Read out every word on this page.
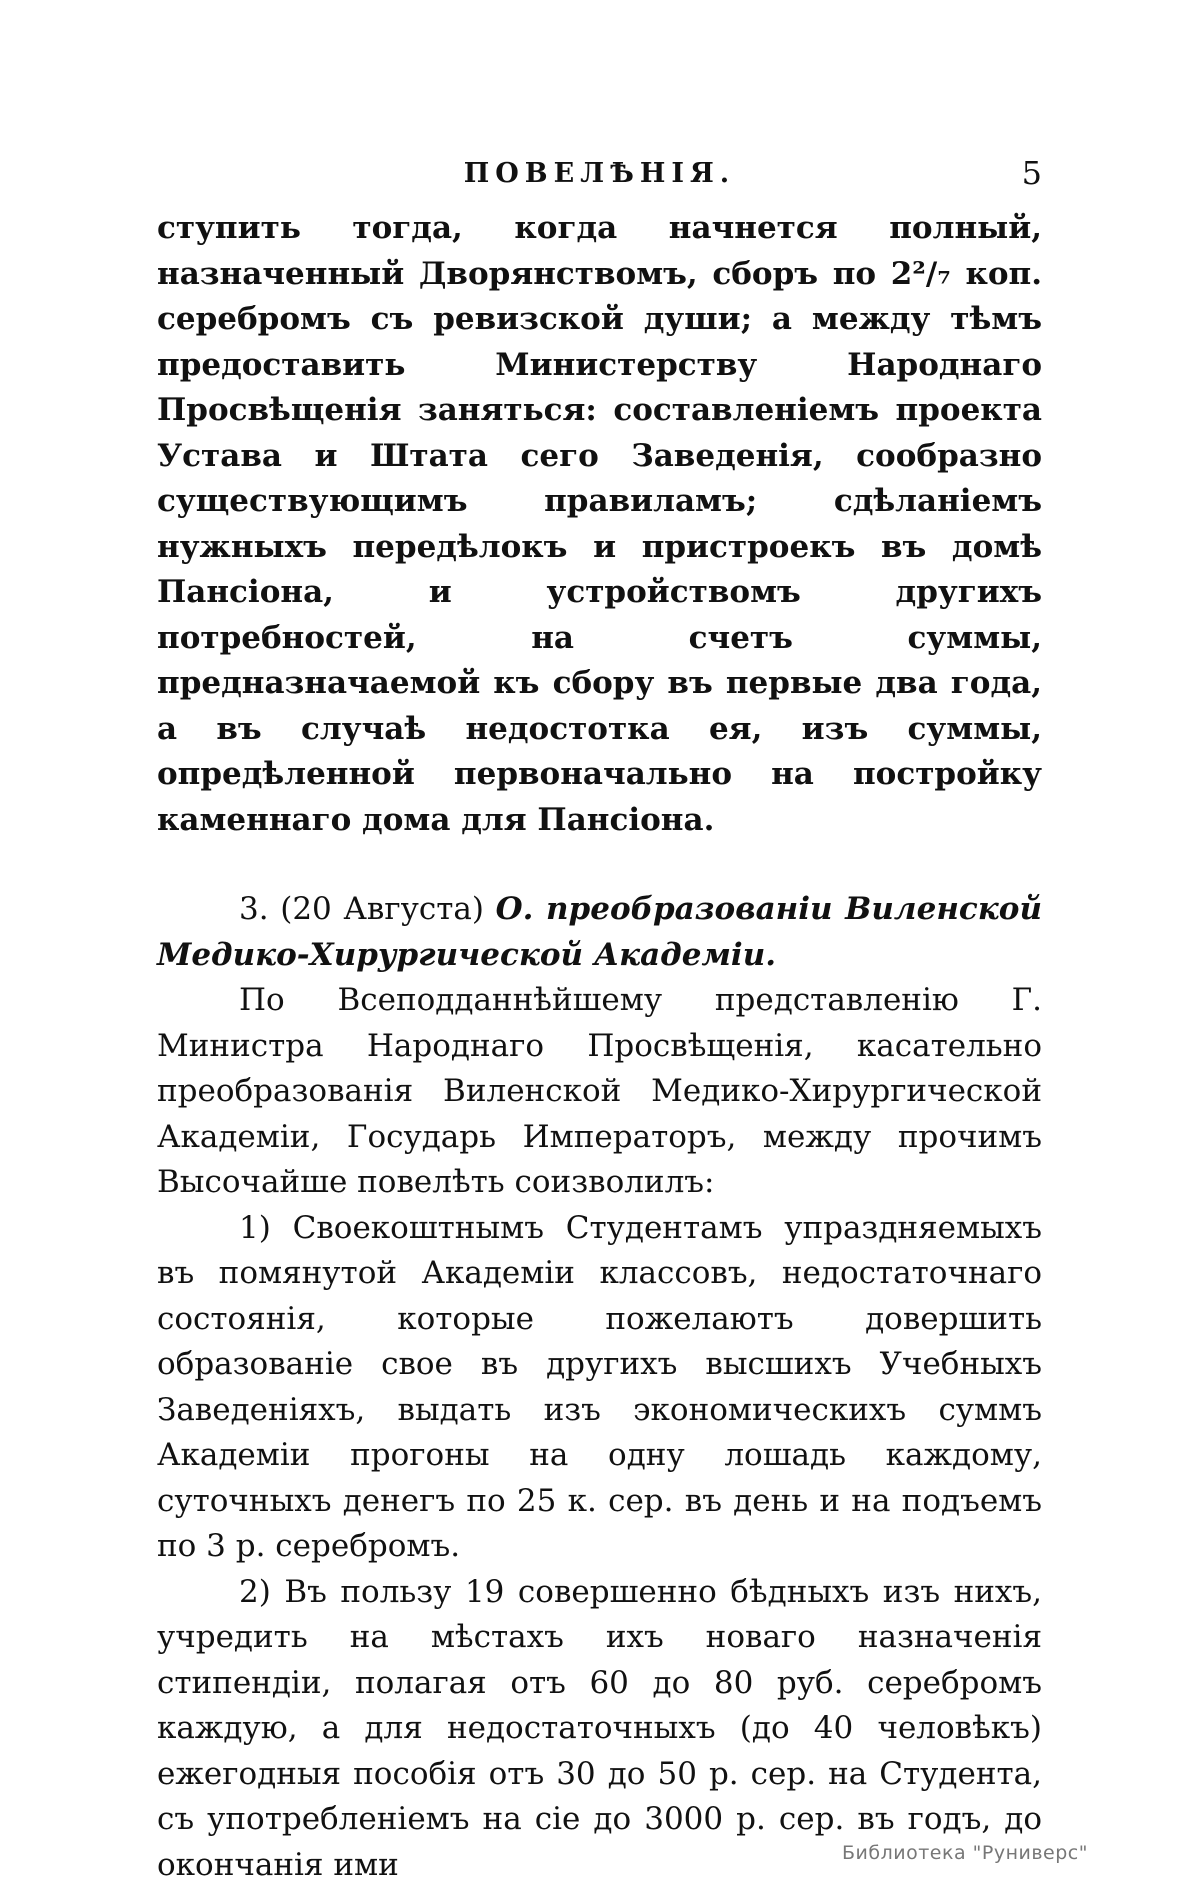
ПОВЕЛѢНІЯ.	5

ступить тогда, когда начнется полный, назначенный Дворянствомъ, сборъ по 2²/₇ коп. серебромъ съ ревизской души; а между тѣмъ предоставить Министерству Народнаго Просвѣщенія заняться: составленіемъ проекта Устава и Штата сего Заведенія, сообразно существующимъ правиламъ; сдѣланіемъ нужныхъ передѣлокъ и пристроекъ въ домѣ Пансіона, и устройствомъ другихъ потребностей, на счетъ суммы, предназначаемой къ сбору въ первые два года, а въ случаѣ недостотка ея, изъ суммы, опредѣленной первоначально на постройку каменнаго дома для Пансіона.

3. (20 Августа) О. преобразованіи Виленской Медико-Хирургической Академіи.

По Всеподданнѣйшему представленію Г. Министра Народнаго Просвѣщенія, касательно преобразованія Виленской Медико-Хирургической Академіи, Государь Императоръ, между прочимъ Высочайше повелѣть соизволилъ:

1) Своекоштнымъ Студентамъ упраздняемыхъ въ помянутой Академіи классовъ, недостаточнаго состоянія, которые пожелаютъ довершить образованіе свое въ другихъ высшихъ Учебныхъ Заведеніяхъ, выдать изъ экономическихъ суммъ Академіи прогоны на одну лошадь каждому, суточныхъ денегъ по 25 к. сер. въ день и на подъемъ по 3 р. серебромъ.

2) Въ пользу 19 совершенно бѣдныхъ изъ нихъ, учредить на мѣстахъ ихъ новаго назначенія стипендіи, полагая отъ 60 до 80 руб. серебромъ каждую, а для недостаточныхъ (до 40 человѣкъ) ежегодныя пособія отъ 30 до 50 р. сер. на Студента, съ употребленіемъ на сіе до 3000 р. сер. въ годъ, до окончанія ими	Библиотека "Руниверс"
